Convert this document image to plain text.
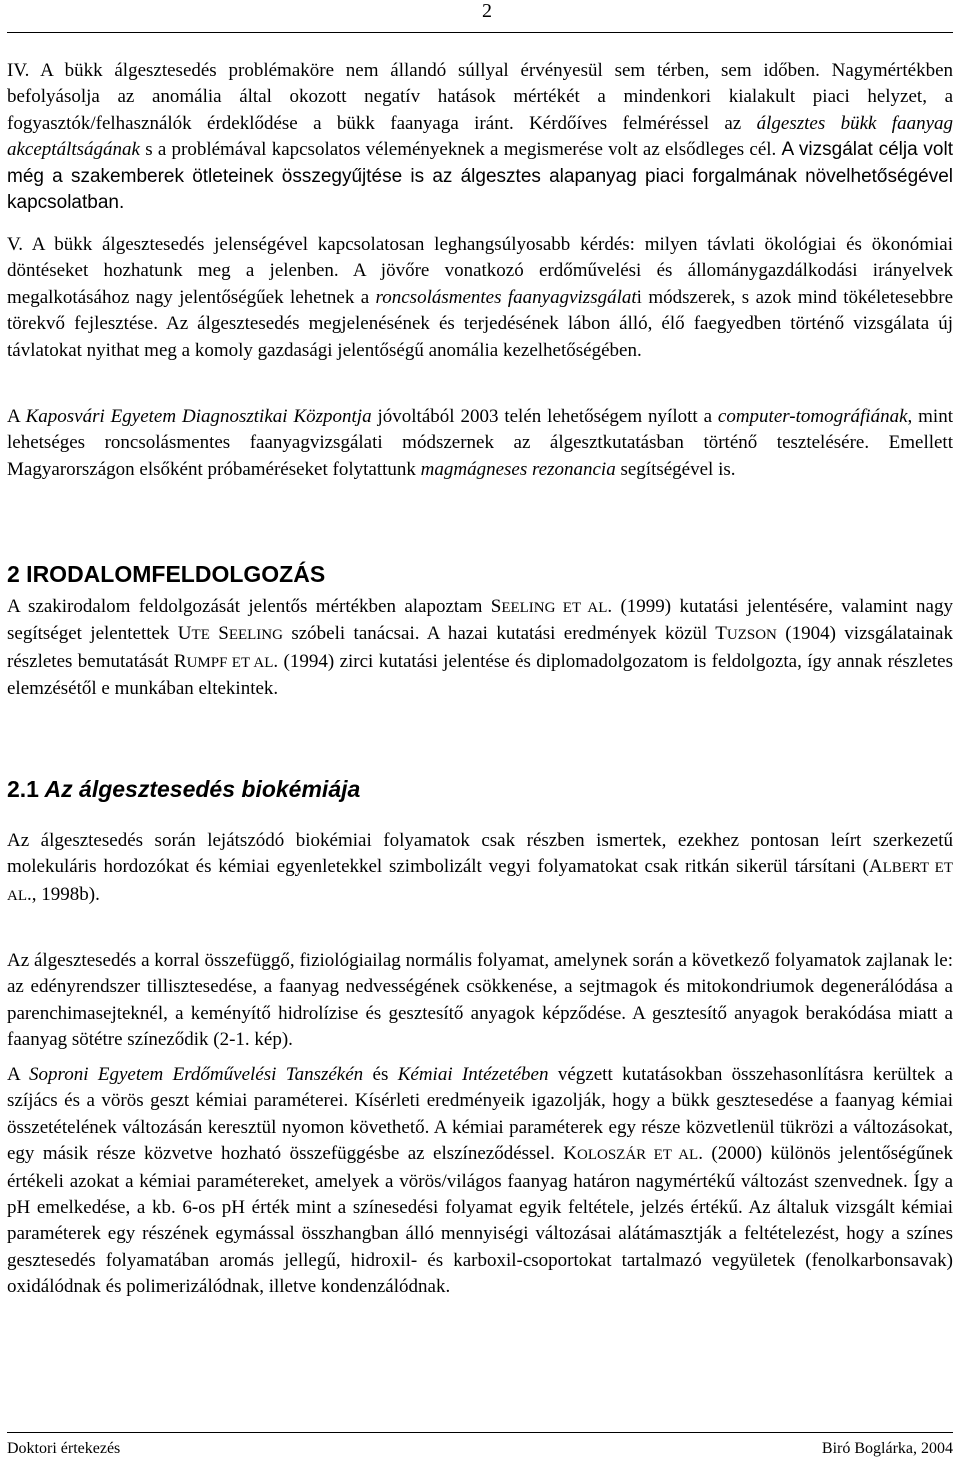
2

IV. A bükk álgesztesedés problémaköre nem állandó súllyal érvényesül sem térben, sem időben. Nagymértékben befolyásolja az anomália által okozott negatív hatások mértékét a mindenkori kialakult piaci helyzet, a fogyasztók/felhasználók érdeklődése a bükk faanyaga iránt. Kérdőíves felméréssel az álgesztes bükk faanyag akceptáltságának s a problémával kapcsolatos véleményeknek a megismerése volt az elsődleges cél. A vizsgálat célja volt még a szakemberek ötleteinek összegyűjtése is az álgesztes alapanyag piaci forgalmának növelhetőségével kapcsolatban.

V. A bükk álgesztesedés jelenségével kapcsolatosan leghangsúlyosabb kérdés: milyen távlati ökológiai és ökonómiai döntéseket hozhatunk meg a jelenben. A jövőre vonatkozó erdőművelési és állománygazdálkodási irányelvek megalkotásához nagy jelentőségűek lehetnek a roncsolásmentes faanyagvizsgálati módszerek, s azok mind tökéletesebbre törekvő fejlesztése. Az álgesztesedés megjelenésének és terjedésének lábon álló, élő faegyedben történő vizsgálata új távlatokat nyithat meg a komoly gazdasági jelentőségű anomália kezelhetőségében.

A Kaposvári Egyetem Diagnosztikai Központja jóvoltából 2003 telén lehetőségem nyílott a computer-tomográfiának, mint lehetséges roncsolásmentes faanyagvizsgálati módszernek az álgesztkutatásban történő tesztelésére. Emellett Magyarországon elsőként próbaméréseket folytattunk magmágneses rezonancia segítségével is.

A szakirodalom feldolgozását jelentős mértékben alapoztam SEELING ET AL. (1999) kutatási jelentésére, valamint nagy segítséget jelentettek UTE SEELING szóbeli tanácsai. A hazai kutatási eredmények közül TUZSON (1904) vizsgálatainak részletes bemutatását RUMPF ET AL. (1994) zirci kutatási jelentése és diplomadolgozatom is feldolgozta, így annak részletes elemzésétől e munkában eltekintek.

Az álgesztesedés során lejátszódó biokémiai folyamatok csak részben ismertek, ezekhez pontosan leírt szerkezetű molekuláris hordozókat és kémiai egyenletekkel szimbolizált vegyi folyamatokat csak ritkán sikerül társítani (ALBERT ET AL., 1998b).

Az álgesztesedés a korral összefüggő, fiziológiailag normális folyamat, amelynek során a következő folyamatok zajlanak le: az edényrendszer tillisztesedése, a faanyag nedvességének csökkenése, a sejtmagok és mitokondriumok degenerálódása a parenchimasejteknél, a keményítő hidrolízise és gesztesítő anyagok képződése. A gesztesítő anyagok berakódása miatt a faanyag sötétre színeződik (2-1. kép).

A Soproni Egyetem Erdőművelési Tanszékén és Kémiai Intézetében végzett kutatásokban összehasonlításra kerültek a szíjács és a vörös geszt kémiai paraméterei. Kísérleti eredményeik igazolják, hogy a bükk gesztesedése a faanyag kémiai összetételének változásán keresztül nyomon követhető. A kémiai paraméterek egy része közvetlenül tükrözi a változásokat, egy másik része közvetve hozható összefüggésbe az elszíneződéssel. KOLOSZÁR ET AL. (2000) különös jelentőségűnek értékeli azokat a kémiai paramétereket, amelyek a vörös/világos faanyag határon nagymértékű változást szenvednek. Így a pH emelkedése, a kb. 6-os pH érték mint a színesedési folyamat egyik feltétele, jelzés értékű. Az általuk vizsgált kémiai paraméterek egy részének egymással összhangban álló mennyiségi változásai alátámasztják a feltételezést, hogy a színes gesztesedés folyamatában aromás jellegű, hidroxil- és karboxil-csoportokat tartalmazó vegyületek (fenolkarbonsavak) oxidálódnak és polimerizálódnak, illetve kondenzálódnak.

2 IRODALOMFELDOLGOZÁS
2.1 Az álgesztesedés biokémiája
Doktori értekezés	Biró Boglárka, 2004
